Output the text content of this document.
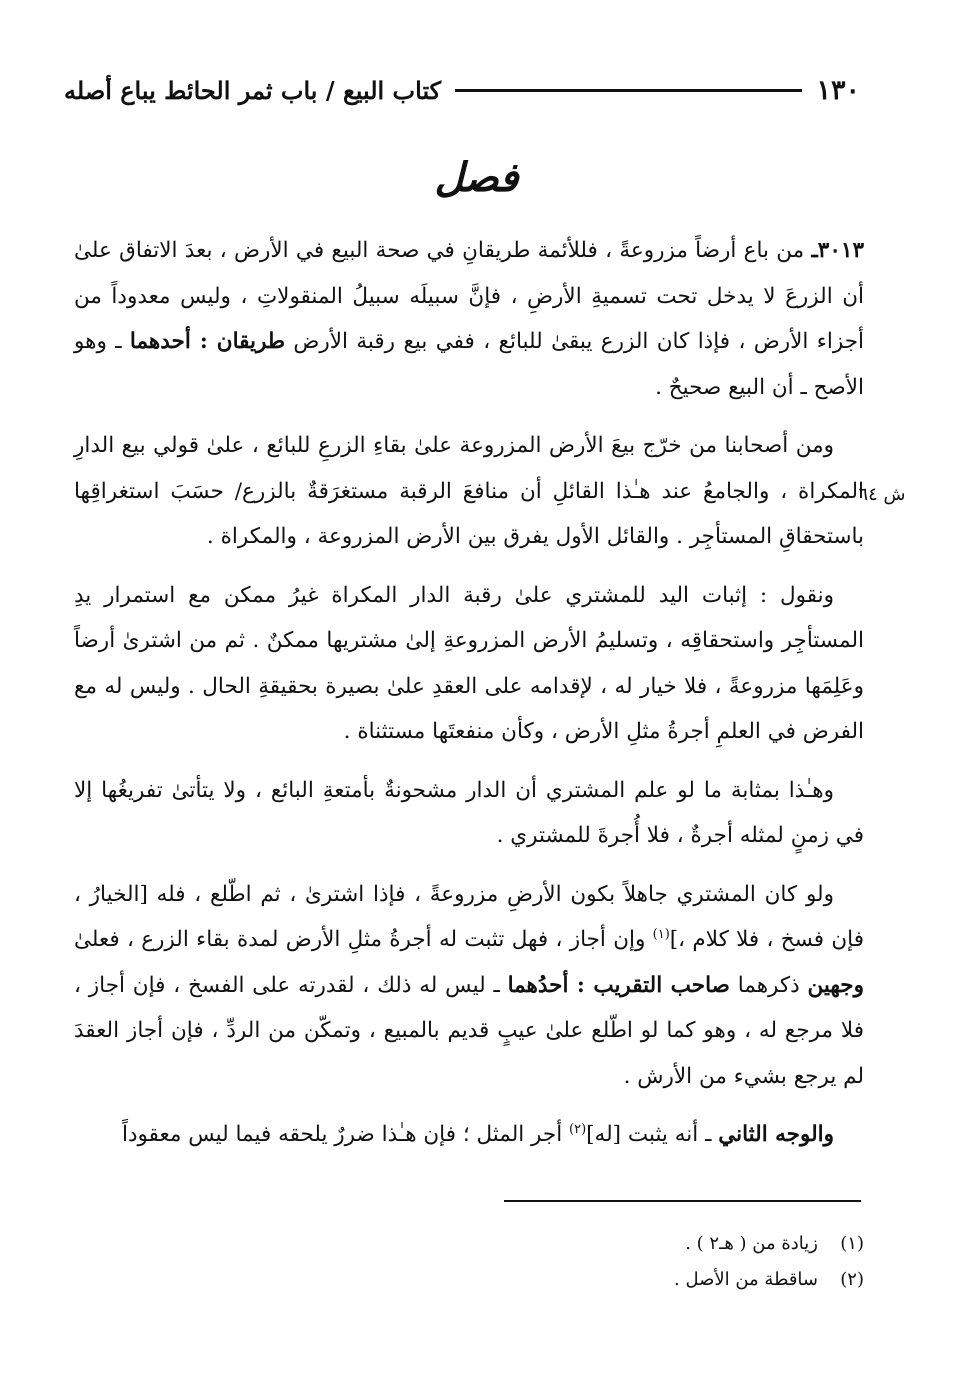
١٣٠
كتاب البيع / باب ثمر الحائط يباع أصله
فصل
ش ٦٤

٣٠١٣ـ من باع أرضاً مزروعةً ، فللأئمة طريقانِ في صحة البيع في الأرض ، بعدَ الاتفاق علىٰ أن الزرعَ لا يدخل تحت تسميةِ الأرضِ ، فإنَّ سبيلَه سبيلُ المنقولاتِ ، وليس معدوداً من أجزاء الأرض ، فإذا كان الزرع يبقىٰ للبائع ، ففي بيع رقبة الأرض طريقان : أحدهما ـ وهو الأصح ـ أن البيع صحيحٌ .

ومن أصحابنا من خرّج بيعَ الأرض المزروعة علىٰ بقاءِ الزرعِ للبائع ، علىٰ قولي بيع الدارِ المكراة ، والجامعُ عند هـٰذا القائلِ أن منافعَ الرقبة مستغرَقةٌ بالزرع/ حسَبَ استغراقِها باستحقاقِ المستأجِر . والقائل الأول يفرق بين الأرض المزروعة ، والمكراة .

ونقول : إثبات اليد للمشتري علىٰ رقبة الدار المكراة غيرُ ممكن مع استمرار يدِ المستأجِر واستحقاقِه ، وتسليمُ الأرض المزروعةِ إلىٰ مشتريها ممكنٌ . ثم من اشترىٰ أرضاً وعَلِمَها مزروعةً ، فلا خيار له ، لإقدامه على العقدِ علىٰ بصيرة بحقيقةِ الحال . وليس له مع الفرض في العلمِ أجرةُ مثلِ الأرض ، وكأن منفعتَها مستثناة .

وهـٰذا بمثابة ما لو علم المشتري أن الدار مشحونةٌ بأمتعةِ البائع ، ولا يتأتىٰ تفريغُها إلا في زمنٍ لمثله أجرةٌ ، فلا أُجرةَ للمشتري .

ولو كان المشتري جاهلاً بكون الأرضِ مزروعةً ، فإذا اشترىٰ ، ثم اطّلع ، فله [الخيارُ ، فإن فسخ ، فلا كلام ،]$^{(١)}$ وإن أجاز ، فهل تثبت له أجرةُ مثلِ الأرض لمدة بقاء الزرع ، فعلىٰ وجهين ذكرهما صاحب التقريب : أحدُهما ـ ليس له ذلك ، لقدرته على الفسخ ، فإن أجاز ، فلا مرجع له ، وهو كما لو اطّلع علىٰ عيبٍ قديم بالمبيع ، وتمكّن من الردِّ ، فإن أجاز العقدَ لم يرجع بشيء من الأرش .

والوجه الثاني ـ أنه يثبت [له]$^{(٢)}$ أجر المثل ؛ فإن هـٰذا ضررٌ يلحقه فيما ليس معقوداً

(١)
زيادة من ( هـ٢ ) .
(٢)
ساقطة من الأصل .
